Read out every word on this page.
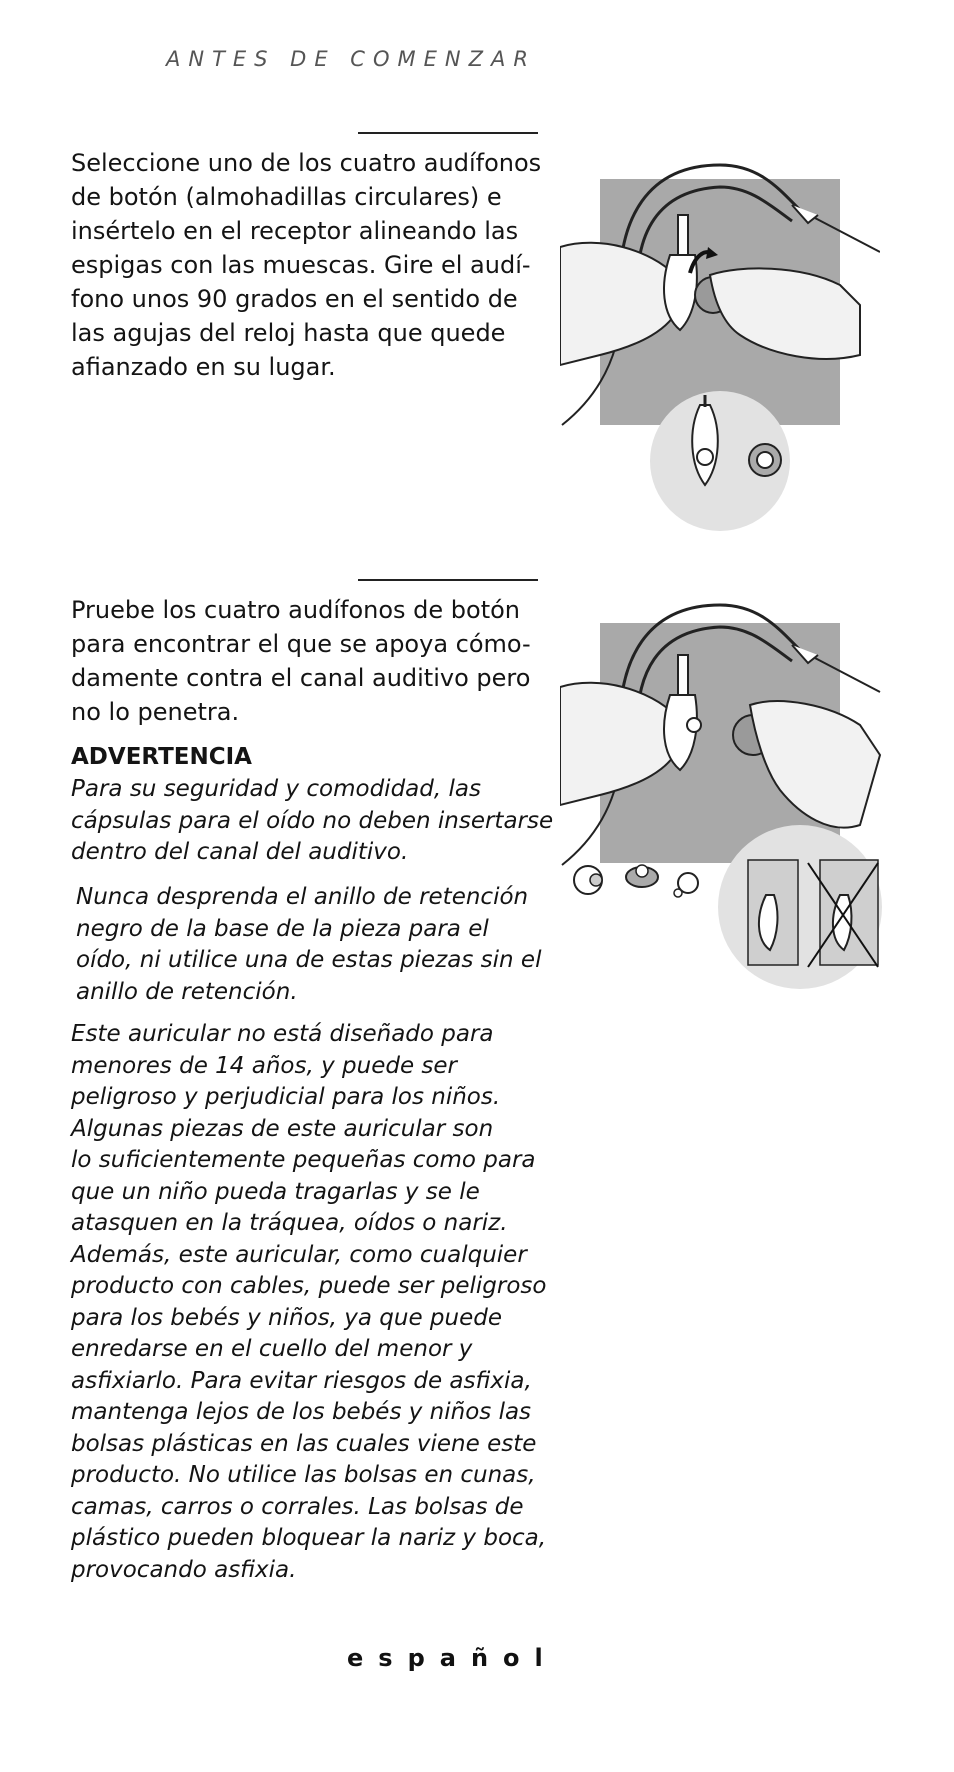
ANTES DE COMENZAR

Seleccione uno de los cuatro audífonos
de botón (almohadillas circulares) e
insértelo en el receptor alineando las
espigas con las muescas. Gire el audí-
fono unos 90 grados en el sentido de
las agujas del reloj hasta que quede
afianzado en su lugar.

Pruebe los cuatro audífonos de botón
para encontrar el que se apoya cómo-
damente contra el canal auditivo pero
no lo penetra.

ADVERTENCIA

Para su seguridad y comodidad, las
cápsulas para el oído no deben insertarse
dentro del canal del auditivo.

Nunca desprenda el anillo de retención
negro de la base de la pieza para el
oído, ni utilice una de estas piezas sin el
anillo de retención.

Este auricular no está diseñado para
menores de 14 años, y puede ser
peligroso y perjudicial para los niños.
Algunas piezas de este auricular son
lo suficientemente pequeñas como para
que un niño pueda tragarlas y se le
atasquen en la tráquea, oídos o nariz.
Además, este auricular, como cualquier
producto con cables, puede ser peligroso
para los bebés y niños, ya que puede
enredarse en el cuello del menor y
asfixiarlo. Para evitar riesgos de asfixia,
mantenga lejos de los bebés y niños las
bolsas plásticas en las cuales viene este
producto. No utilice las bolsas en cunas,
camas, carros o corrales. Las bolsas de
plástico pueden bloquear la nariz y boca,
provocando asfixia.

español
